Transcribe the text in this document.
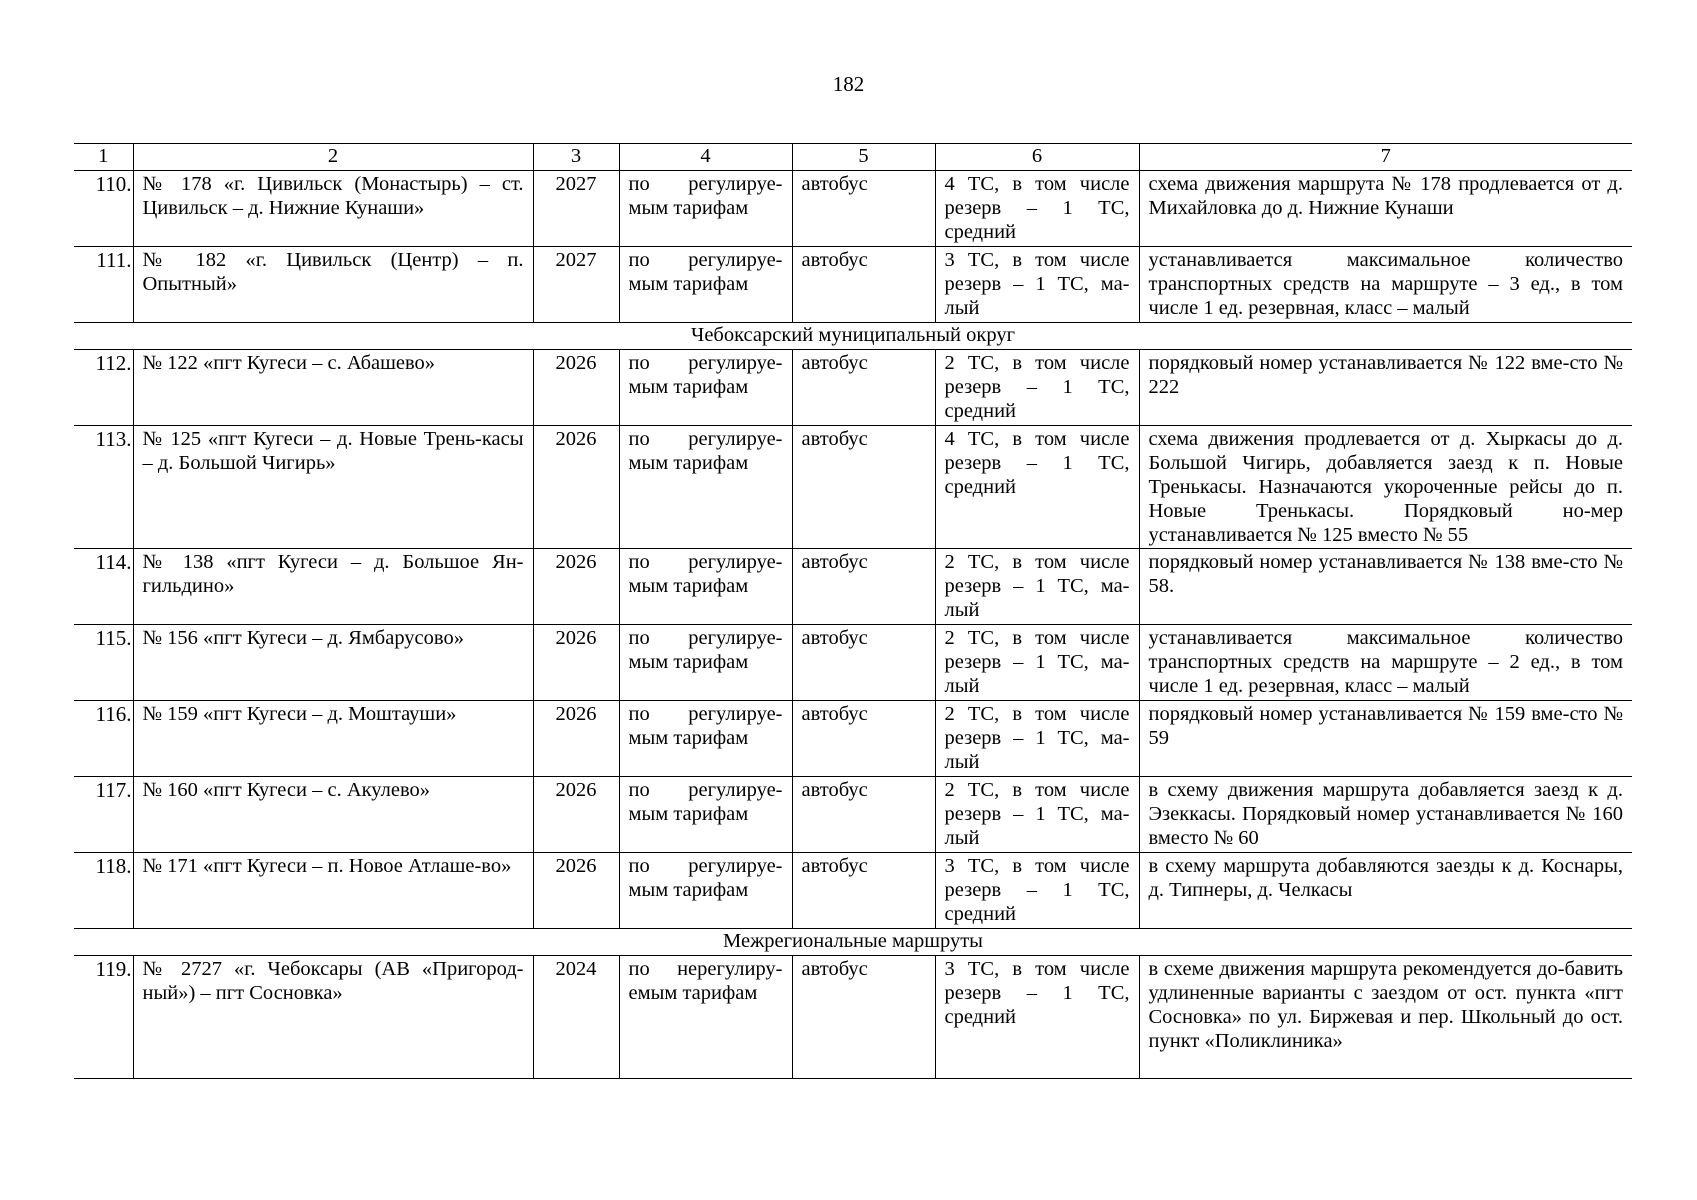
182
1	2	3	4	5	6	7
110.	№ 178 «г. Цивильск (Монастырь) – ст. Цивильск – д. Нижние Кунаши»	2027	по регулируе-мым тарифам	автобус	4 ТС, в том числе резерв – 1 ТС, средний	схема движения маршрута № 178 продлевается от д. Михайловка до д. Нижние Кунаши
111.	№ 182 «г. Цивильск (Центр) – п. Опытный»	2027	по регулируе-мым тарифам	автобус	3 ТС, в том числе резерв – 1 ТС, ма-лый	устанавливается максимальное количество транспортных средств на маршруте – 3 ед., в том числе 1 ед. резервная, класс – малый
Чебоксарский муниципальный округ						
112.	№ 122 «пгт Кугеси – с. Абашево»	2026	по регулируе-мым тарифам	автобус	2 ТС, в том числе резерв – 1 ТС, средний	порядковый номер устанавливается № 122 вме-сто № 222
113.	№ 125 «пгт Кугеси – д. Новые Трень-касы – д. Большой Чигирь»	2026	по регулируе-мым тарифам	автобус	4 ТС, в том числе резерв – 1 ТС, средний	схема движения продлевается от д. Хыркасы до д. Большой Чигирь, добавляется заезд к п. Новые Тренькасы. Назначаются укороченные рейсы до п. Новые Тренькасы. Порядковый но-мер устанавливается № 125 вместо № 55
114.	№ 138 «пгт Кугеси – д. Большое Ян-гильдино»	2026	по регулируе-мым тарифам	автобус	2 ТС, в том числе резерв – 1 ТС, ма-лый	порядковый номер устанавливается № 138 вме-сто № 58.
115.	№ 156 «пгт Кугеси – д. Ямбарусово»	2026	по регулируе-мым тарифам	автобус	2 ТС, в том числе резерв – 1 ТС, ма-лый	устанавливается максимальное количество транспортных средств на маршруте – 2 ед., в том числе 1 ед. резервная, класс – малый
116.	№ 159 «пгт Кугеси – д. Моштауши»	2026	по регулируе-мым тарифам	автобус	2 ТС, в том числе резерв – 1 ТС, ма-лый	порядковый номер устанавливается № 159 вме-сто № 59
117.	№ 160 «пгт Кугеси – с. Акулево»	2026	по регулируе-мым тарифам	автобус	2 ТС, в том числе резерв – 1 ТС, ма-лый	в схему движения маршрута добавляется заезд к д. Эзеккасы. Порядковый номер устанавливается № 160 вместо № 60
118.	№ 171 «пгт Кугеси – п. Новое Атлаше-во»	2026	по регулируе-мым тарифам	автобус	3 ТС, в том числе резерв – 1 ТС, средний	в схему маршрута добавляются заезды к д. Коснары, д. Типнеры, д. Челкасы
Межрегиональные маршруты						
119.	№ 2727 «г. Чебоксары (АВ «Пригород-ный») – пгт Сосновка»	2024	по нерегулиру-емым тарифам	автобус	3 ТС, в том числе резерв – 1 ТС, средний	в схеме движения маршрута рекомендуется до-бавить удлиненные варианты с заездом от ост. пункта «пгт Сосновка» по ул. Биржевая и пер. Школьный до ост. пункт «Поликлиника»
